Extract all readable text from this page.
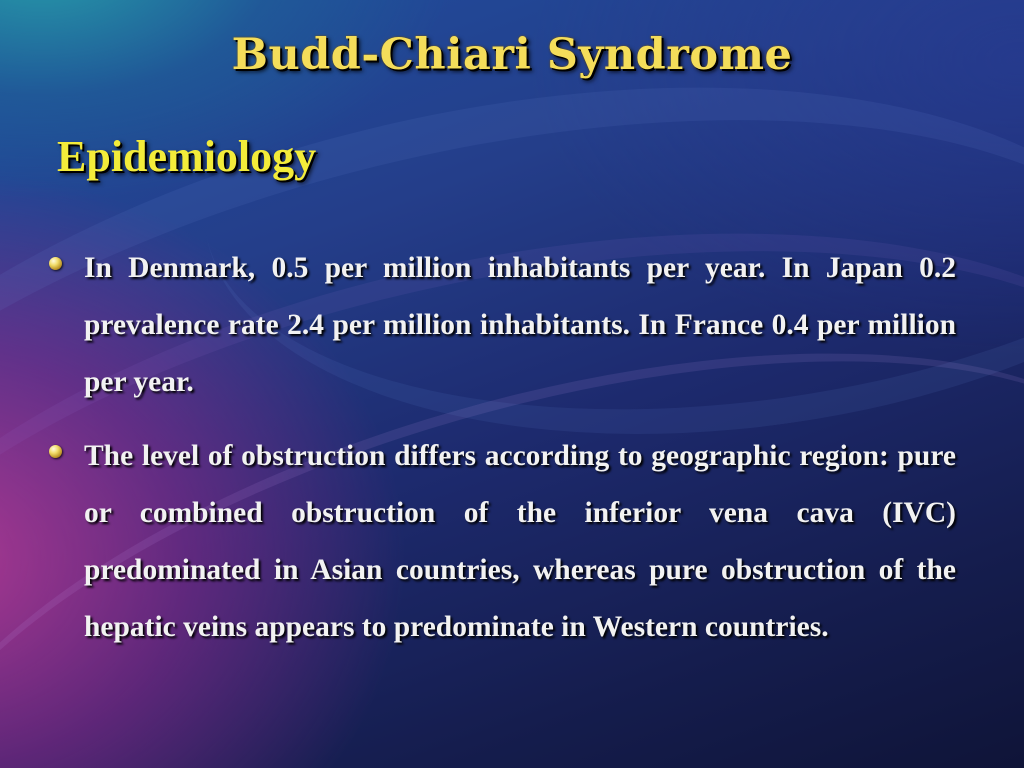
Budd-Chiari Syndrome
Epidemiology
In Denmark, 0.5 per million inhabitants per year. In Japan 0.2 prevalence rate 2.4 per million inhabitants. In France 0.4 per million per year.
The level of obstruction differs according to geographic region: pure or combined obstruction of the inferior vena cava (IVC) predominated in Asian countries, whereas pure obstruction of the hepatic veins appears to predominate in Western countries.
